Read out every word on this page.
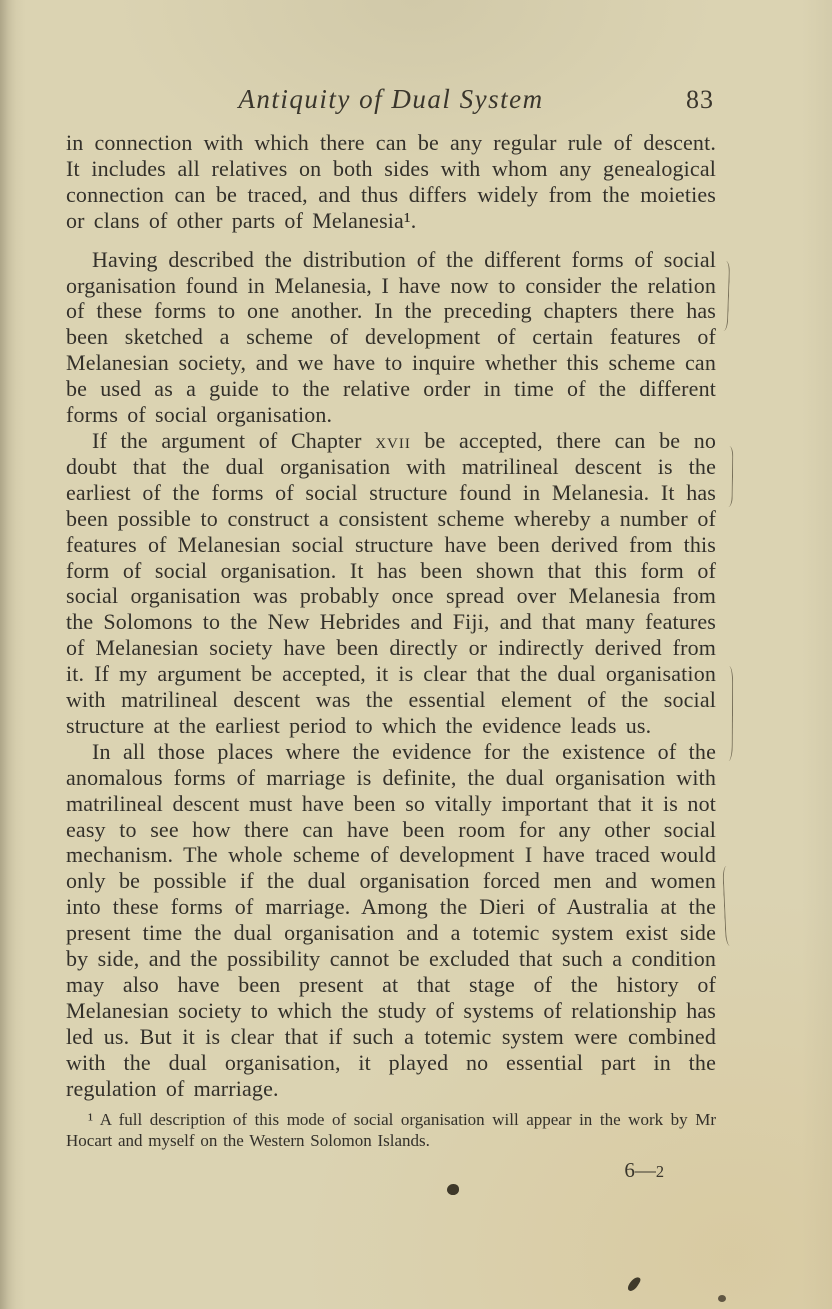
Antiquity of Dual System	83

in connection with which there can be any regular rule of descent. It includes all relatives on both sides with whom any genealogical connection can be traced, and thus differs widely from the moieties or clans of other parts of Melanesia¹.

Having described the distribution of the different forms of social organisation found in Melanesia, I have now to consider the relation of these forms to one another. In the preceding chapters there has been sketched a scheme of development of certain features of Melanesian society, and we have to inquire whether this scheme can be used as a guide to the relative order in time of the different forms of social organisation.

If the argument of Chapter xvii be accepted, there can be no doubt that the dual organisation with matrilineal descent is the earliest of the forms of social structure found in Melanesia. It has been possible to construct a consistent scheme whereby a number of features of Melanesian social structure have been derived from this form of social organisation. It has been shown that this form of social organisation was probably once spread over Melanesia from the Solomons to the New Hebrides and Fiji, and that many features of Melanesian society have been directly or indirectly derived from it. If my argument be accepted, it is clear that the dual organisation with matrilineal descent was the essential element of the social structure at the earliest period to which the evidence leads us.

In all those places where the evidence for the existence of the anomalous forms of marriage is definite, the dual organisation with matrilineal descent must have been so vitally important that it is not easy to see how there can have been room for any other social mechanism. The whole scheme of development I have traced would only be possible if the dual organisation forced men and women into these forms of marriage. Among the Dieri of Australia at the present time the dual organisation and a totemic system exist side by side, and the possibility cannot be excluded that such a condition may also have been present at that stage of the history of Melanesian society to which the study of systems of relationship has led us. But it is clear that if such a totemic system were combined with the dual organisation, it played no essential part in the regulation of marriage.

¹ A full description of this mode of social organisation will appear in the work by Mr Hocart and myself on the Western Solomon Islands.

6—2
